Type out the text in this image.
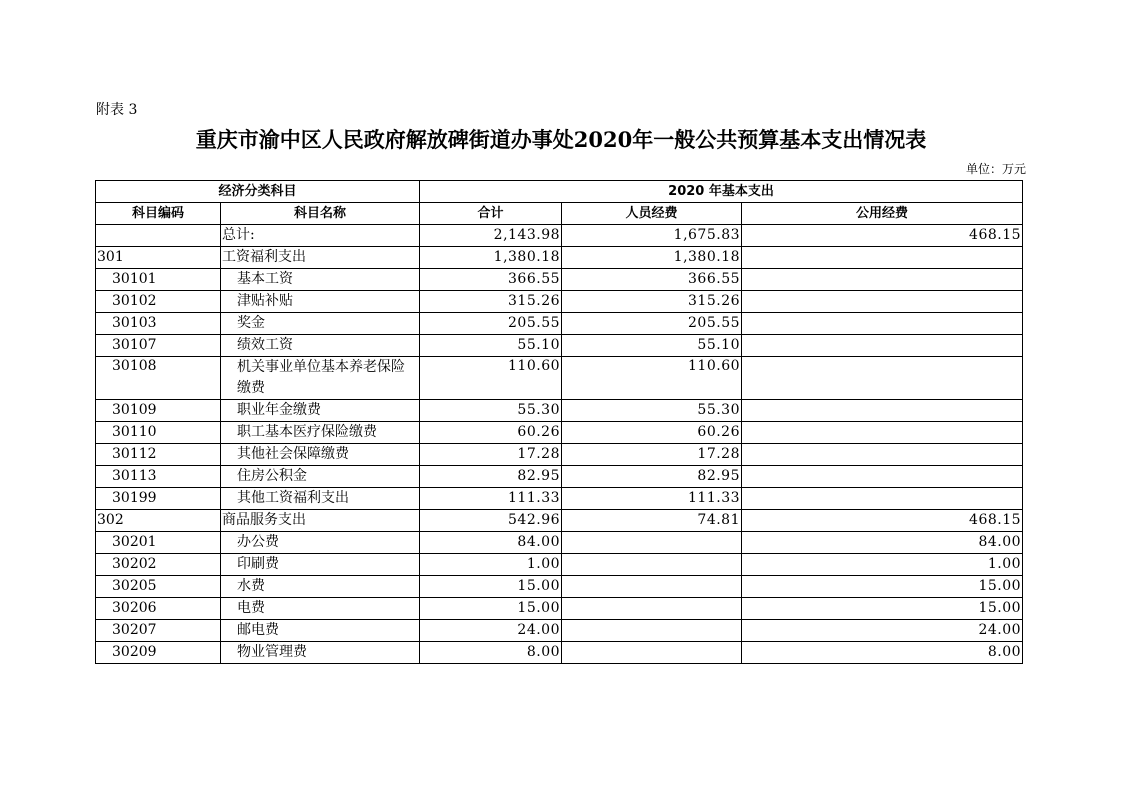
附表 3
重庆市渝中区人民政府解放碑街道办事处2020年一般公共预算基本支出情况表
单位：万元
经济分类科目		2020 年基本支出		
科目编码	科目名称	合计	人员经费	公用经费
	总计:	2,143.98	1,675.83	468.15
301	工资福利支出	1,380.18	1,380.18	
30101	基本工资	366.55	366.55	
30102	津贴补贴	315.26	315.26	
30103	奖金	205.55	205.55	
30107	绩效工资	55.10	55.10	
30108	机关事业单位基本养老保险缴费	110.60	110.60	
30109	职业年金缴费	55.30	55.30	
30110	职工基本医疗保险缴费	60.26	60.26	
30112	其他社会保障缴费	17.28	17.28	
30113	住房公积金	82.95	82.95	
30199	其他工资福利支出	111.33	111.33	
302	商品服务支出	542.96	74.81	468.15
30201	办公费	84.00		84.00
30202	印刷费	1.00		1.00
30205	水费	15.00		15.00
30206	电费	15.00		15.00
30207	邮电费	24.00		24.00
30209	物业管理费	8.00		8.00
